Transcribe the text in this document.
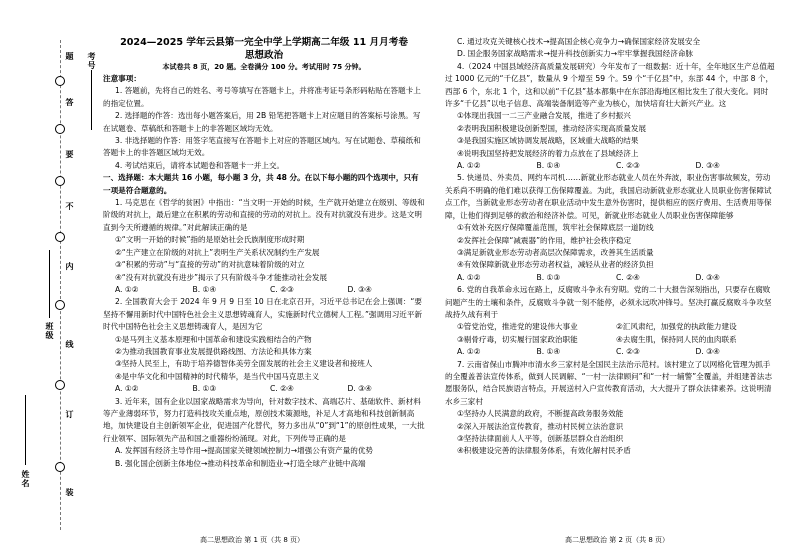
考号
姓名
班级
装
订
线
内
不
要
答
题

2024—2025 学年云县第一完全中学上学期高二年级 11 月月考卷

思想政治

本试卷共 8 页，20 题。全卷满分 100 分。考试用时 75 分钟。

注意事项：

1. 答题前，先将自己的姓名、考号等填写在答题卡上，并将准考证号条形码粘贴在答题卡上的指定位置。

2. 选择题的作答：选出每小题答案后，用 2B 铅笔把答题卡上对应题目的答案标号涂黑。写在试题卷、草稿纸和答题卡上的非答题区域均无效。

3. 非选择题的作答：用签字笔直接写在答题卡上对应的答题区域内。写在试题卷、草稿纸和答题卡上的非答题区域均无效。

4. 考试结束后，请将本试题卷和答题卡一并上交。

一、选择题：本大题共 16 小题，每小题 3 分，共 48 分。在以下每小题的四个选项中，只有一项是符合题意的。

1. 马克思在《哲学的贫困》中指出：“当文明一开始的时候，生产就开始建立在级别、等级和阶级的对抗上，最后建立在积累的劳动和直接的劳动的对抗上。没有对抗就没有进步。这是文明直到今天所遵循的规律。”对此解读正确的是

①“文明一开始的时候”指的是原始社会氏族制度形成时期

②“生产建立在阶级的对抗上”表明生产关系状况制约生产发展

③“积累的劳动”与“直接的劳动”的对抗意味着阶级的对立

④“没有对抗就没有进步”揭示了只有阶级斗争才能推动社会发展

A. ①②	B. ①④	C. ②③	D. ③④

2. 全国教育大会于 2024 年 9 月 9 日至 10 日在北京召开，习近平总书记在会上强调：“要坚持不懈用新时代中国特色社会主义思想铸魂育人，实施新时代立德树人工程。”强调用习近平新时代中国特色社会主义思想铸魂育人，是因为它

①是马列主义基本原理和中国革命和建设实践相结合的产物

②为推动我国教育事业发展提供路线图、方法论和具体方案

③坚持人民至上，有助于培养德智体美劳全面发展的社会主义建设者和接班人

④是中华文化和中国精神的时代精华，是当代中国马克思主义

A. ①②	B. ①③	C. ②④	D. ③④

3. 近年来，国有企业以国家战略需求为导向，针对数字技术、高端芯片、基础软件、新材料等产业薄弱环节，努力打造科技攻关重点地，原创技术策源地，补足人才高地和科技创新制高地，加快建设自主创新领军企业，促进国产化替代，努力多出从“0”到“1”的原创性成果，一大批行业领军、国际领先产品和国之重器纷纷涌现。对此，下列传导正确的是

A. 发挥国有经济主导作用→提高国家关键领域控制力→增强公有资产量的优势

B. 强化国企创新主体地位→推动科技革命和制造业→打造全球产业链中高端

C. 通过攻克关键核心技术→提高国企核心竞争力→确保国家经济发展安全

D. 国企服务国家战略需求→提升科技创新实力→牢牢掌握我国经济命脉

4.（2024 中国县域经济高质量发展研究）今年发布了一组数据：近十年，全年地区生产总值超过 1000 亿元的“千亿县”，数量从 9 个增至 59 个。59 个“千亿县”中，东部 44 个，中部 8 个，西部 6 个，东北 1 个，这和以前“千亿县”基本都集中在东部沿海地区相比发生了很大变化。同时许多“千亿县”以电子信息、高端装备制造等产业为核心，加快培育壮大新兴产业。这

①体现出我国一二三产业融合发展，推进了乡村振兴

②表明我国积极建设创新型国，推动经济实现高质量发展

③是我国实施区域协调发展战略，区域重大战略的结果

④说明我国坚持把发展经济的着力点放在了县域经济上

A. ①②	B. ①④	C. ②③	D. ③④

5. 快递员、外卖员、网约车司机……新就业形态就业人员在外奔波，职业伤害事故频发，劳动关系尚不明确的他们难以获得工伤保障覆盖。为此，我国启动新就业形态就业人员职业伤害保障试点工作，当新就业形态劳动者在职业活动中发生意外伤害时，提供相应的医疗费用、生活费用等保障，让他们得到足够的救治和经济补偿。可见，新就业形态就业人员职业伤害保障能够

①有效补充医疗保障覆盖范围，筑牢社会保障底层一道防线

②发挥社会保障“减震器”的作用，维护社会秩序稳定

③满足新就业形态劳动者高层次保障需求，改善其生活质量

④有效保障新就业形态劳动者权益，减轻从业者的经济负担

A. ①②	B. ①③	C. ②④	D. ③④

6. 党的自我革命永远在路上，反腐败斗争永有穷期。党的二十大报告深刻指出，只要存在腐败问题产生的土壤和条件，反腐败斗争就一刻不能停，必须永远吹冲锋号。坚决打赢反腐败斗争攻坚战持久战有利于

①管党治党，推进党的建设伟大事业	②汇风肃纪，加强党的执政能力建设
③剔骨疗毒，切实履行国家政治职能	④去腐生肌，保持同人民的血肉联系
A. ①②	B. ①④	C. ②③	D. ③④

7. 云南省保山市腾冲市清水乡三家村是全国民主法治示范村。该村建立了以网格化管理为抓手的全覆盖普法宣传体系，做到人民调解、“一村一法律顾问”和“一村一辅警”全覆盖，并组建普法志愿服务队，结合民族语言特点，开展送村入户宣传教育活动，大大提升了群众法律素养。这说明清水乡三家村

①坚持办人民满意的政府，不断提高政务服务效能

②深入开展法治宣传教育，推动村民树立法治意识

③坚持法律面前人人平等，创新基层群众自治组织

④积极建设完善的法律服务体系，有效化解村民矛盾

高二思想政治 第 1 页（共 8 页）	高二思想政治 第 2 页（共 8 页）
